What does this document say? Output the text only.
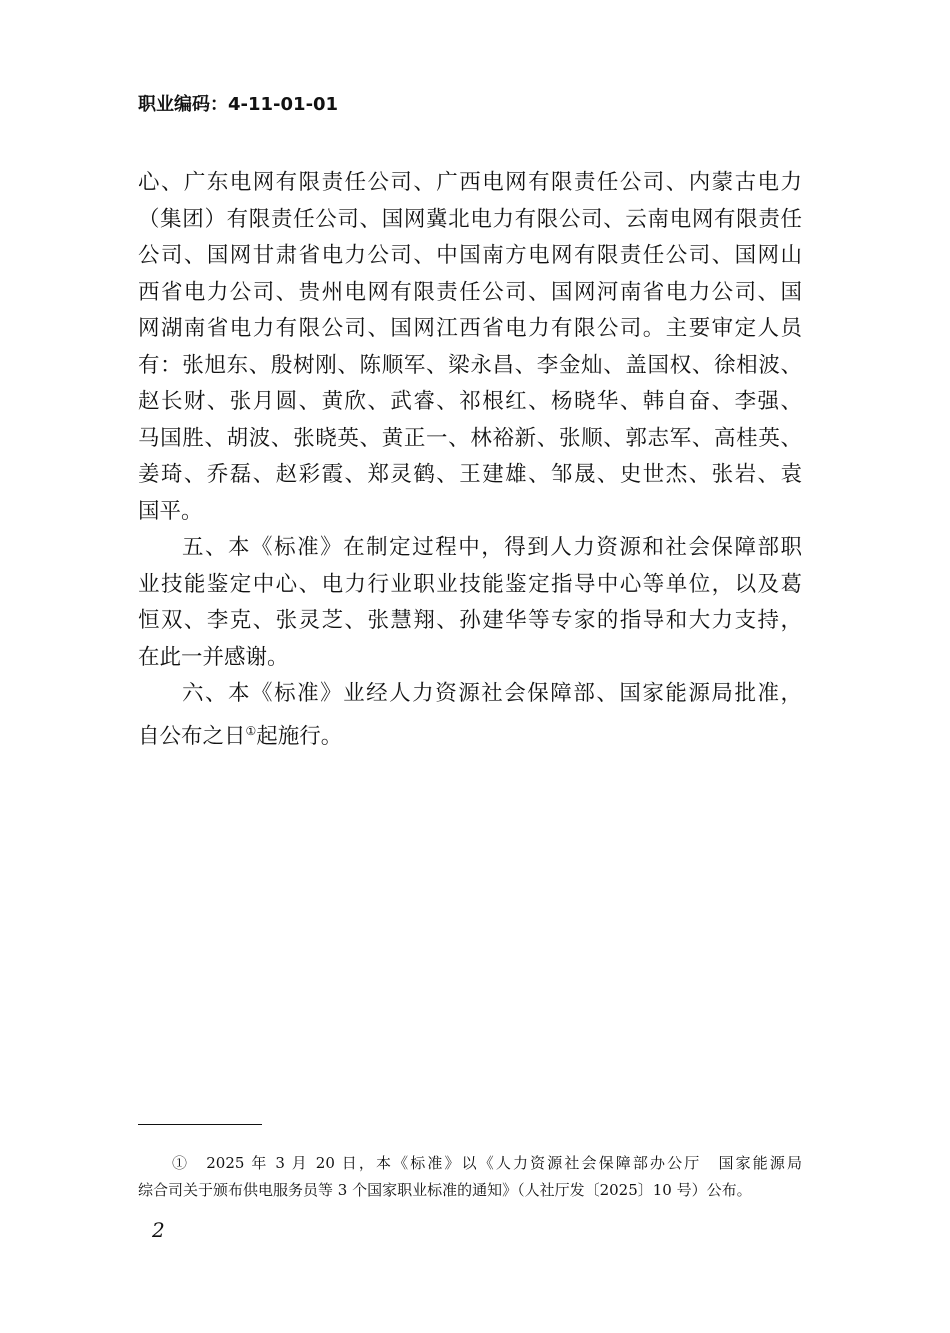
职业编码：4-11-01-01
心、广东电网有限责任公司、广西电网有限责任公司、内蒙古电力
（集团）有限责任公司、国网冀北电力有限公司、云南电网有限责任
公司、国网甘肃省电力公司、中国南方电网有限责任公司、国网山
西省电力公司、贵州电网有限责任公司、国网河南省电力公司、国
网湖南省电力有限公司、国网江西省电力有限公司。主要审定人员
有：张旭东、殷树刚、陈顺军、梁永昌、李金灿、盖国权、徐相波、
赵长财、张月圆、黄欣、武睿、祁根红、杨晓华、韩自奋、李强、
马国胜、胡波、张晓英、黄正一、林裕新、张顺、郭志军、高桂英、
姜琦、乔磊、赵彩霞、郑灵鹤、王建雄、邹晟、史世杰、张岩、袁
国平。
五、本《标准》在制定过程中，得到人力资源和社会保障部职
业技能鉴定中心、电力行业职业技能鉴定指导中心等单位，以及葛
恒双、李克、张灵芝、张慧翔、孙建华等专家的指导和大力支持，
在此一并感谢。
六、本《标准》业经人力资源社会保障部、国家能源局批准，
自公布之日①起施行。
①　2025 年 3 月 20 日，本《标准》以《人力资源社会保障部办公厅　国家能源局
综合司关于颁布供电服务员等 3 个国家职业标准的通知》（人社厅发〔2025〕10 号）公布。
2
